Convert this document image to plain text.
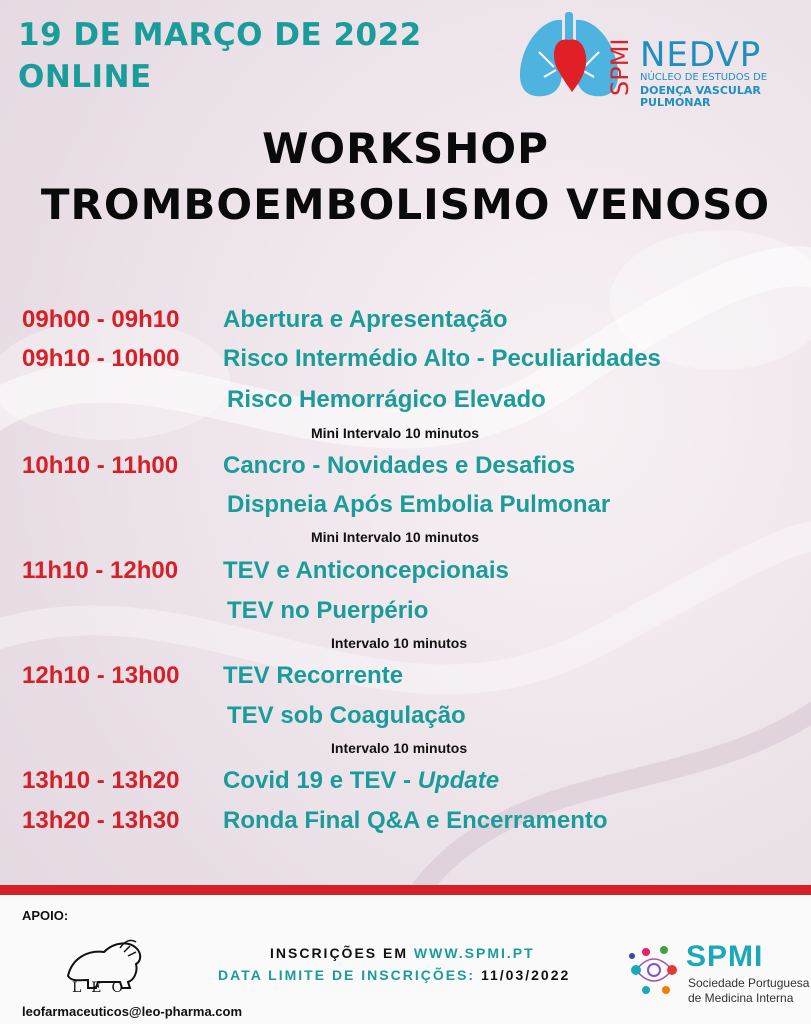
19 DE MARÇO DE 2022
ONLINE	SPMI NEDVP
NÚCLEO DE ESTUDOS DE
DOENÇA VASCULAR PULMONAR
WORKSHOP
TROMBOEMBOLISMO VENOSO
09h00 - 09h10 Abertura e Apresentação
09h10 - 10h00 Risco Intermédio Alto - Peculiaridades
Risco Hemorrágico Elevado
Mini Intervalo 10 minutos
10h10 - 11h00 Cancro - Novidades e Desafios
Dispneia Após Embolia Pulmonar
Mini Intervalo 10 minutos
11h10 - 12h00 TEV e Anticoncepcionais
TEV no Puerpério
Intervalo 10 minutos
12h10 - 13h00 TEV Recorrente
TEV sob Coagulação
Intervalo 10 minutos
13h10 - 13h20 Covid 19 e TEV - Update
13h20 - 13h30 Ronda Final Q&A e Encerramento
APOIO:
LEO
leofarmaceuticos@leo-pharma.com
INSCRIÇÕES EM WWW.SPMI.PT
DATA LIMITE DE INSCRIÇÕES: 11/03/2022
SPMI
Sociedade Portuguesa
de Medicina Interna
